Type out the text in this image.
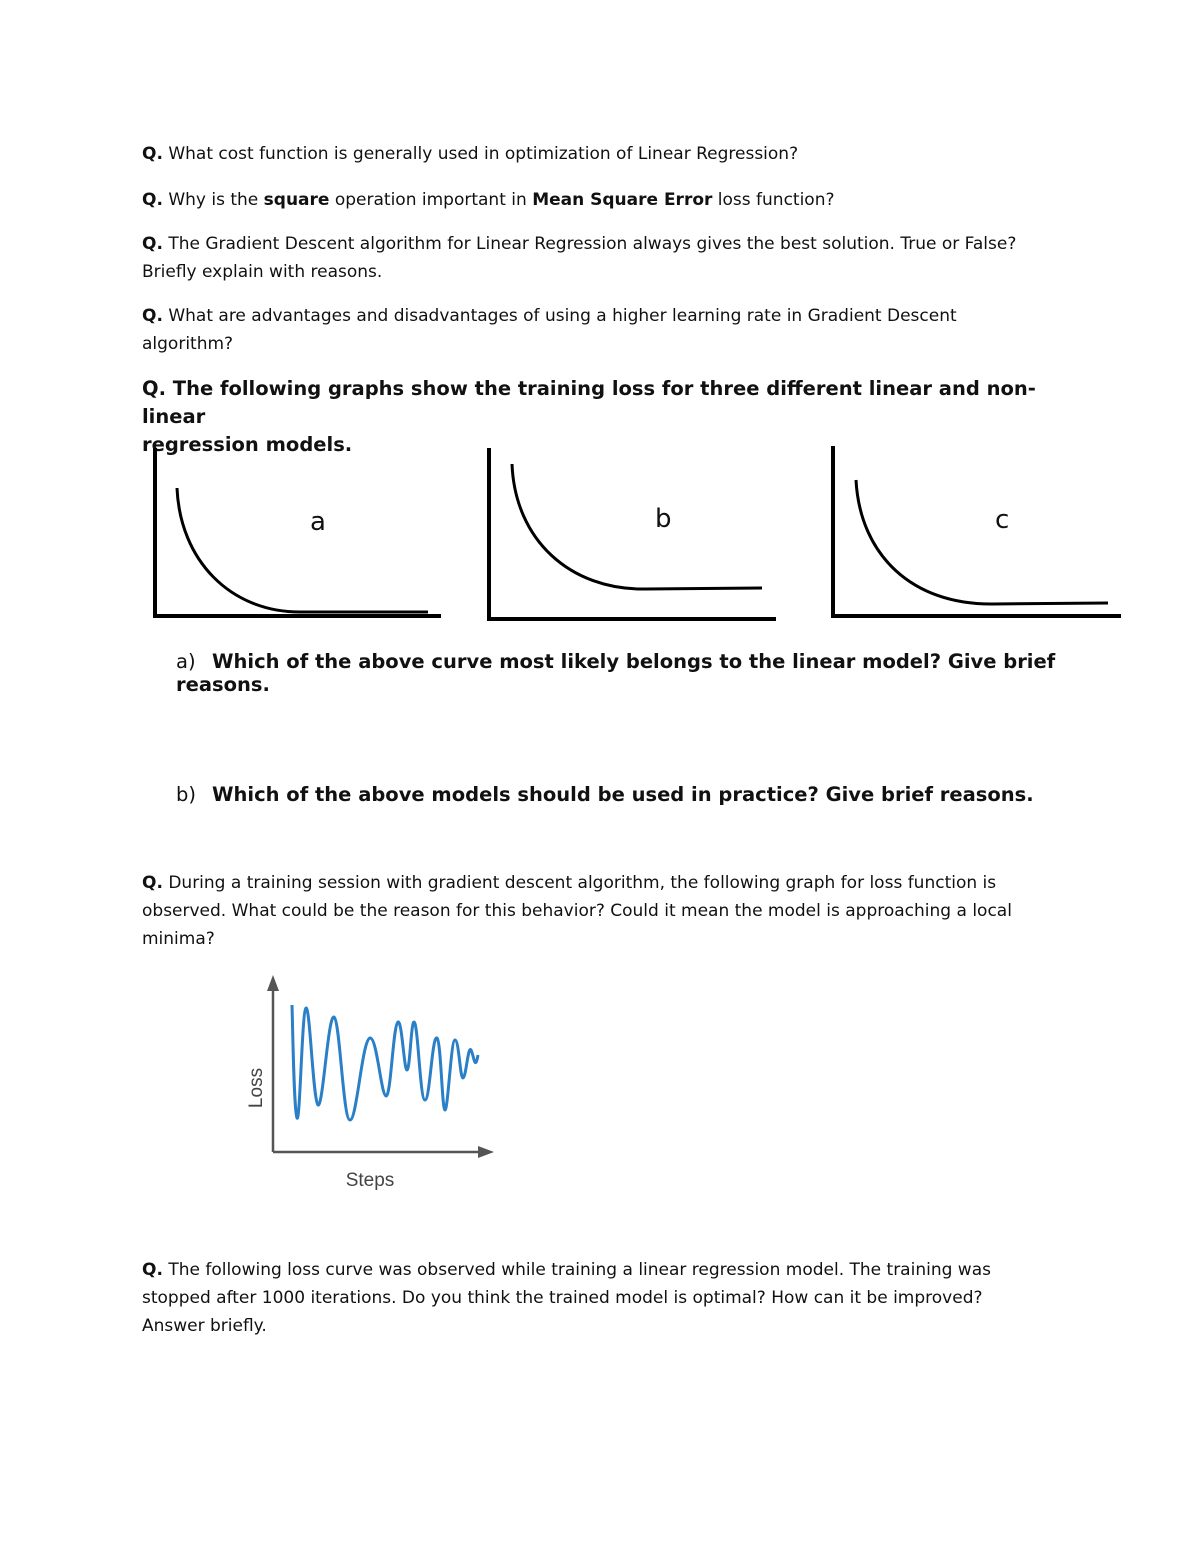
Q. What cost function is generally used in optimization of Linear Regression?
Q. Why is the square operation important in Mean Square Error loss function?
Q. The Gradient Descent algorithm for Linear Regression always gives the best solution. True or False?
Briefly explain with reasons.
Q. What are advantages and disadvantages of using a higher learning rate in Gradient Descent
algorithm?
Q. The following graphs show the training loss for three different linear and non-linear
regression models.
a	b	c
a) Which of the above curve most likely belongs to the linear model? Give brief reasons.
b) Which of the above models should be used in practice? Give brief reasons.
Q. During a training session with gradient descent algorithm, the following graph for loss function is
observed. What could be the reason for this behavior? Could it mean the model is approaching a local
minima?
Loss
Steps
Q. The following loss curve was observed while training a linear regression model. The training was
stopped after 1000 iterations. Do you think the trained model is optimal? How can it be improved?
Answer briefly.
